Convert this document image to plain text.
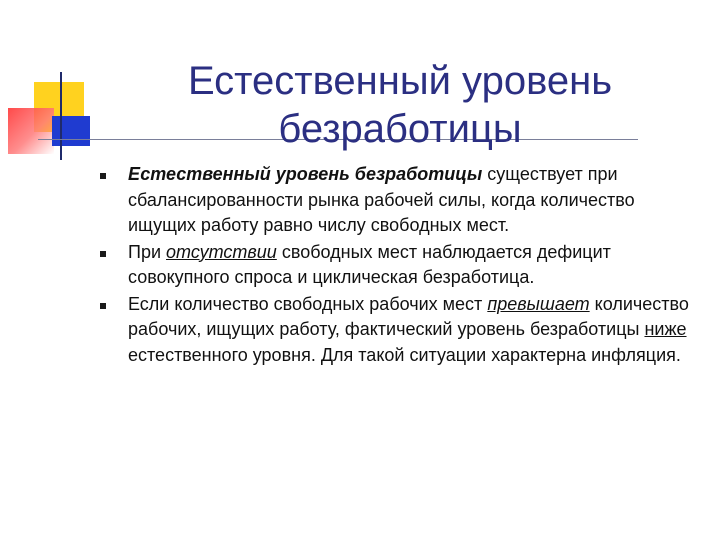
Естественный уровень
безработицы
Естественный уровень безработицы существует при сбалансированности рынка рабочей силы, когда количество ищущих работу равно числу свободных мест.
При отсутствии свободных мест наблюдается дефицит совокупного спроса и циклическая безработица.
Если количество свободных рабочих мест превышает количество рабочих, ищущих работу, фактический уровень безработицы ниже естественного уровня. Для такой ситуации характерна инфляция.
